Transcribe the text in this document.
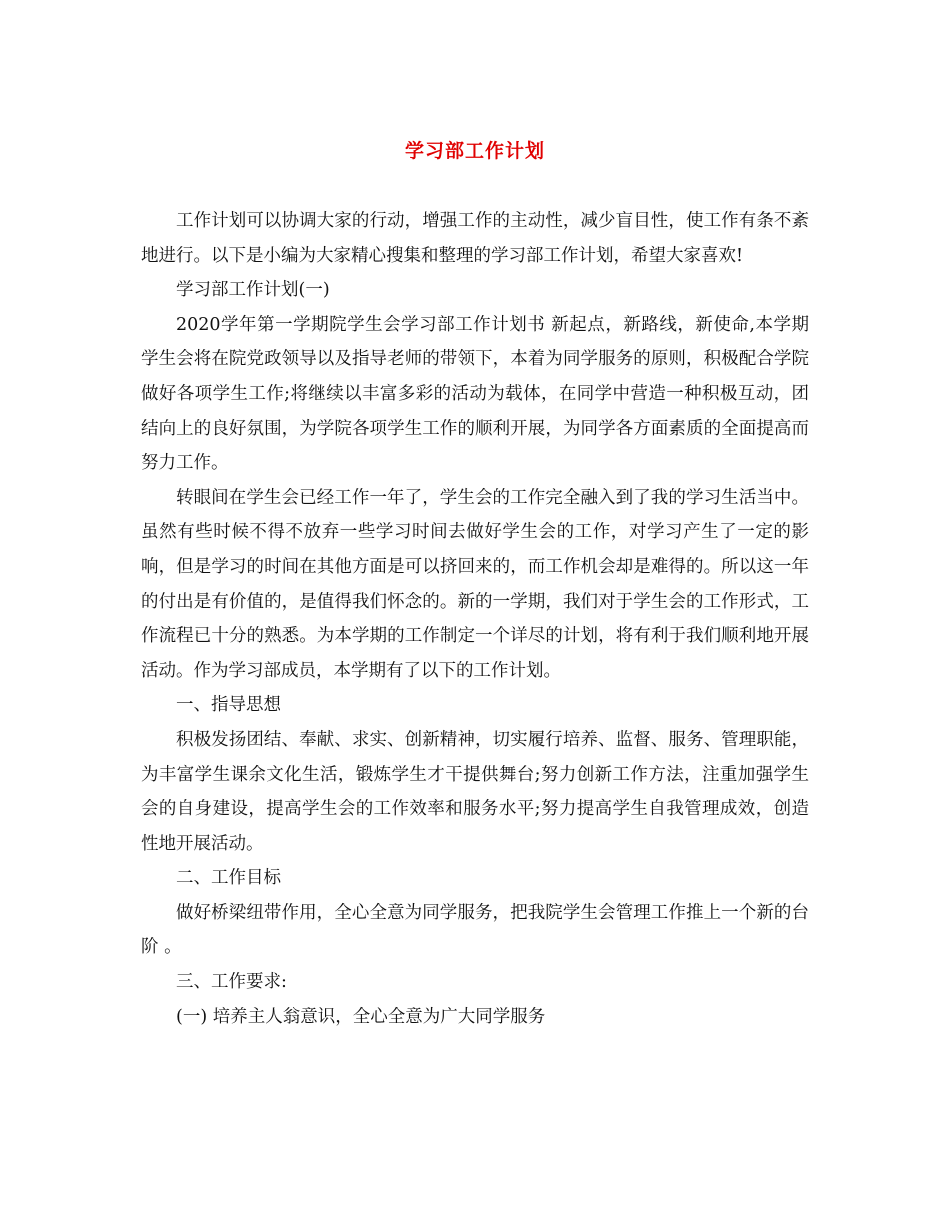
学习部工作计划

工作计划可以协调大家的行动，增强工作的主动性，减少盲目性，使工作有条不紊地进行。以下是小编为大家精心搜集和整理的学习部工作计划，希望大家喜欢!

学习部工作计划(一)

2020学年第一学期院学生会学习部工作计划书 新起点，新路线，新使命,本学期学生会将在院党政领导以及指导老师的带领下，本着为同学服务的原则，积极配合学院做好各项学生工作;将继续以丰富多彩的活动为载体，在同学中营造一种积极互动，团结向上的良好氛围，为学院各项学生工作的顺利开展，为同学各方面素质的全面提高而努力工作。

转眼间在学生会已经工作一年了，学生会的工作完全融入到了我的学习生活当中。虽然有些时候不得不放弃一些学习时间去做好学生会的工作，对学习产生了一定的影响，但是学习的时间在其他方面是可以挤回来的，而工作机会却是难得的。所以这一年的付出是有价值的，是值得我们怀念的。新的一学期，我们对于学生会的工作形式，工作流程已十分的熟悉。为本学期的工作制定一个详尽的计划，将有利于我们顺利地开展活动。作为学习部成员，本学期有了以下的工作计划。

一、指导思想

积极发扬团结、奉献、求实、创新精神，切实履行培养、监督、服务、管理职能，为丰富学生课余文化生活，锻炼学生才干提供舞台;努力创新工作方法，注重加强学生会的自身建设，提高学生会的工作效率和服务水平;努力提高学生自我管理成效，创造性地开展活动。

二、工作目标

做好桥梁纽带作用，全心全意为同学服务，把我院学生会管理工作推上一个新的台阶 。

三、工作要求:

(一) 培养主人翁意识，全心全意为广大同学服务
